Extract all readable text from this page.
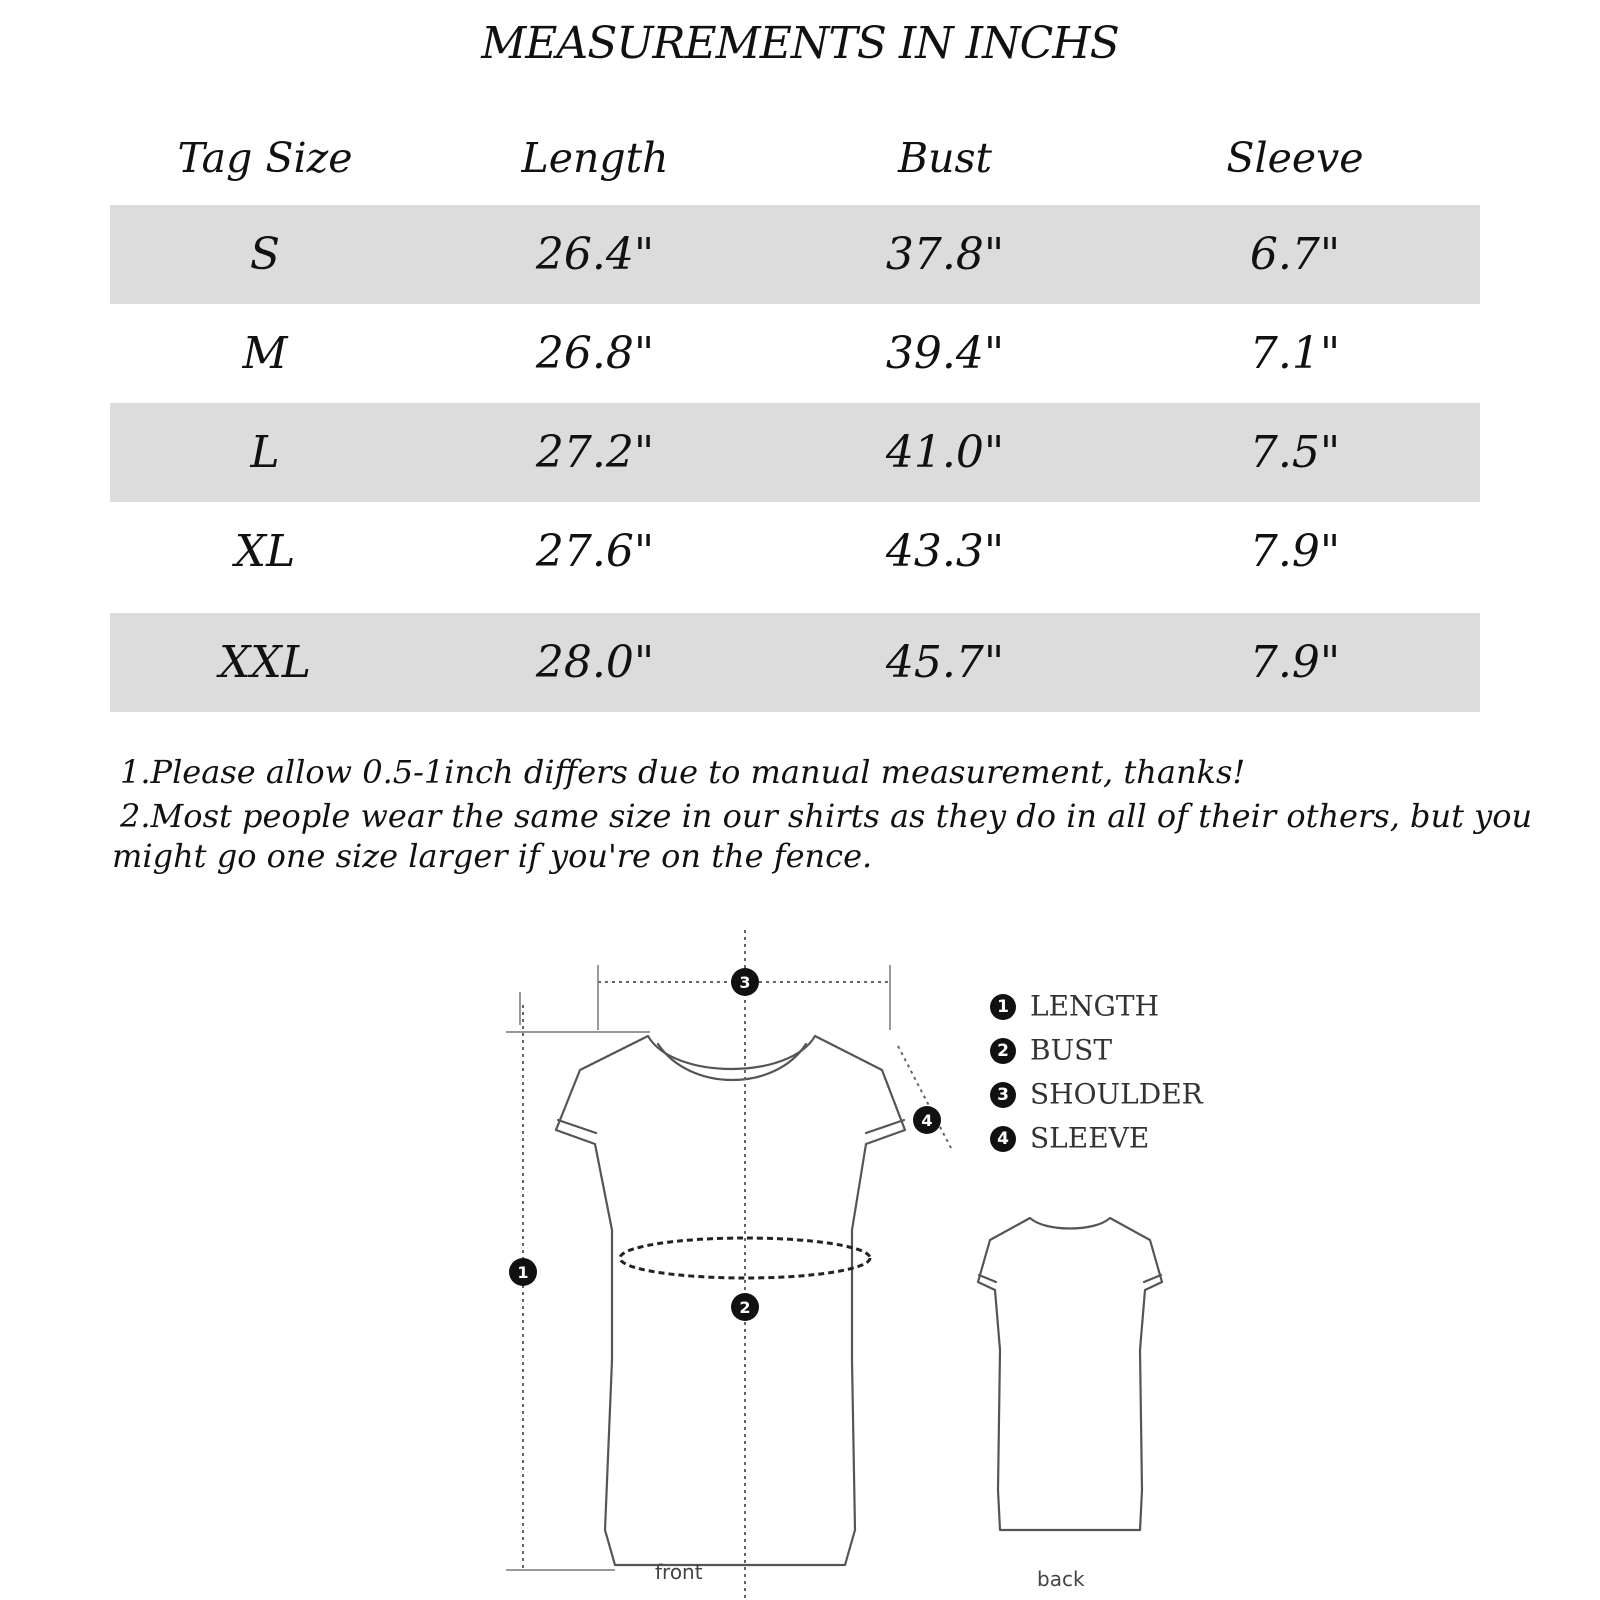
MEASUREMENTS IN INCHS
Tag Size	Length	Bust	Sleeve
S	26.4"	37.8"	6.7"
M	26.8"	39.4"	7.1"
L	27.2"	41.0"	7.5"
XL	27.6"	43.3"	7.9"
XXL	28.0"	45.7"	7.9"
1.Please allow 0.5-1inch differs due to manual measurement, thanks!
2.Most people wear the same size in our shirts as they do in all of their others, but you might go one size larger if you're on the fence.
1
2
3
4
1 LENGTH
2 BUST
3 SHOULDER
4 SLEEVE
front	back
